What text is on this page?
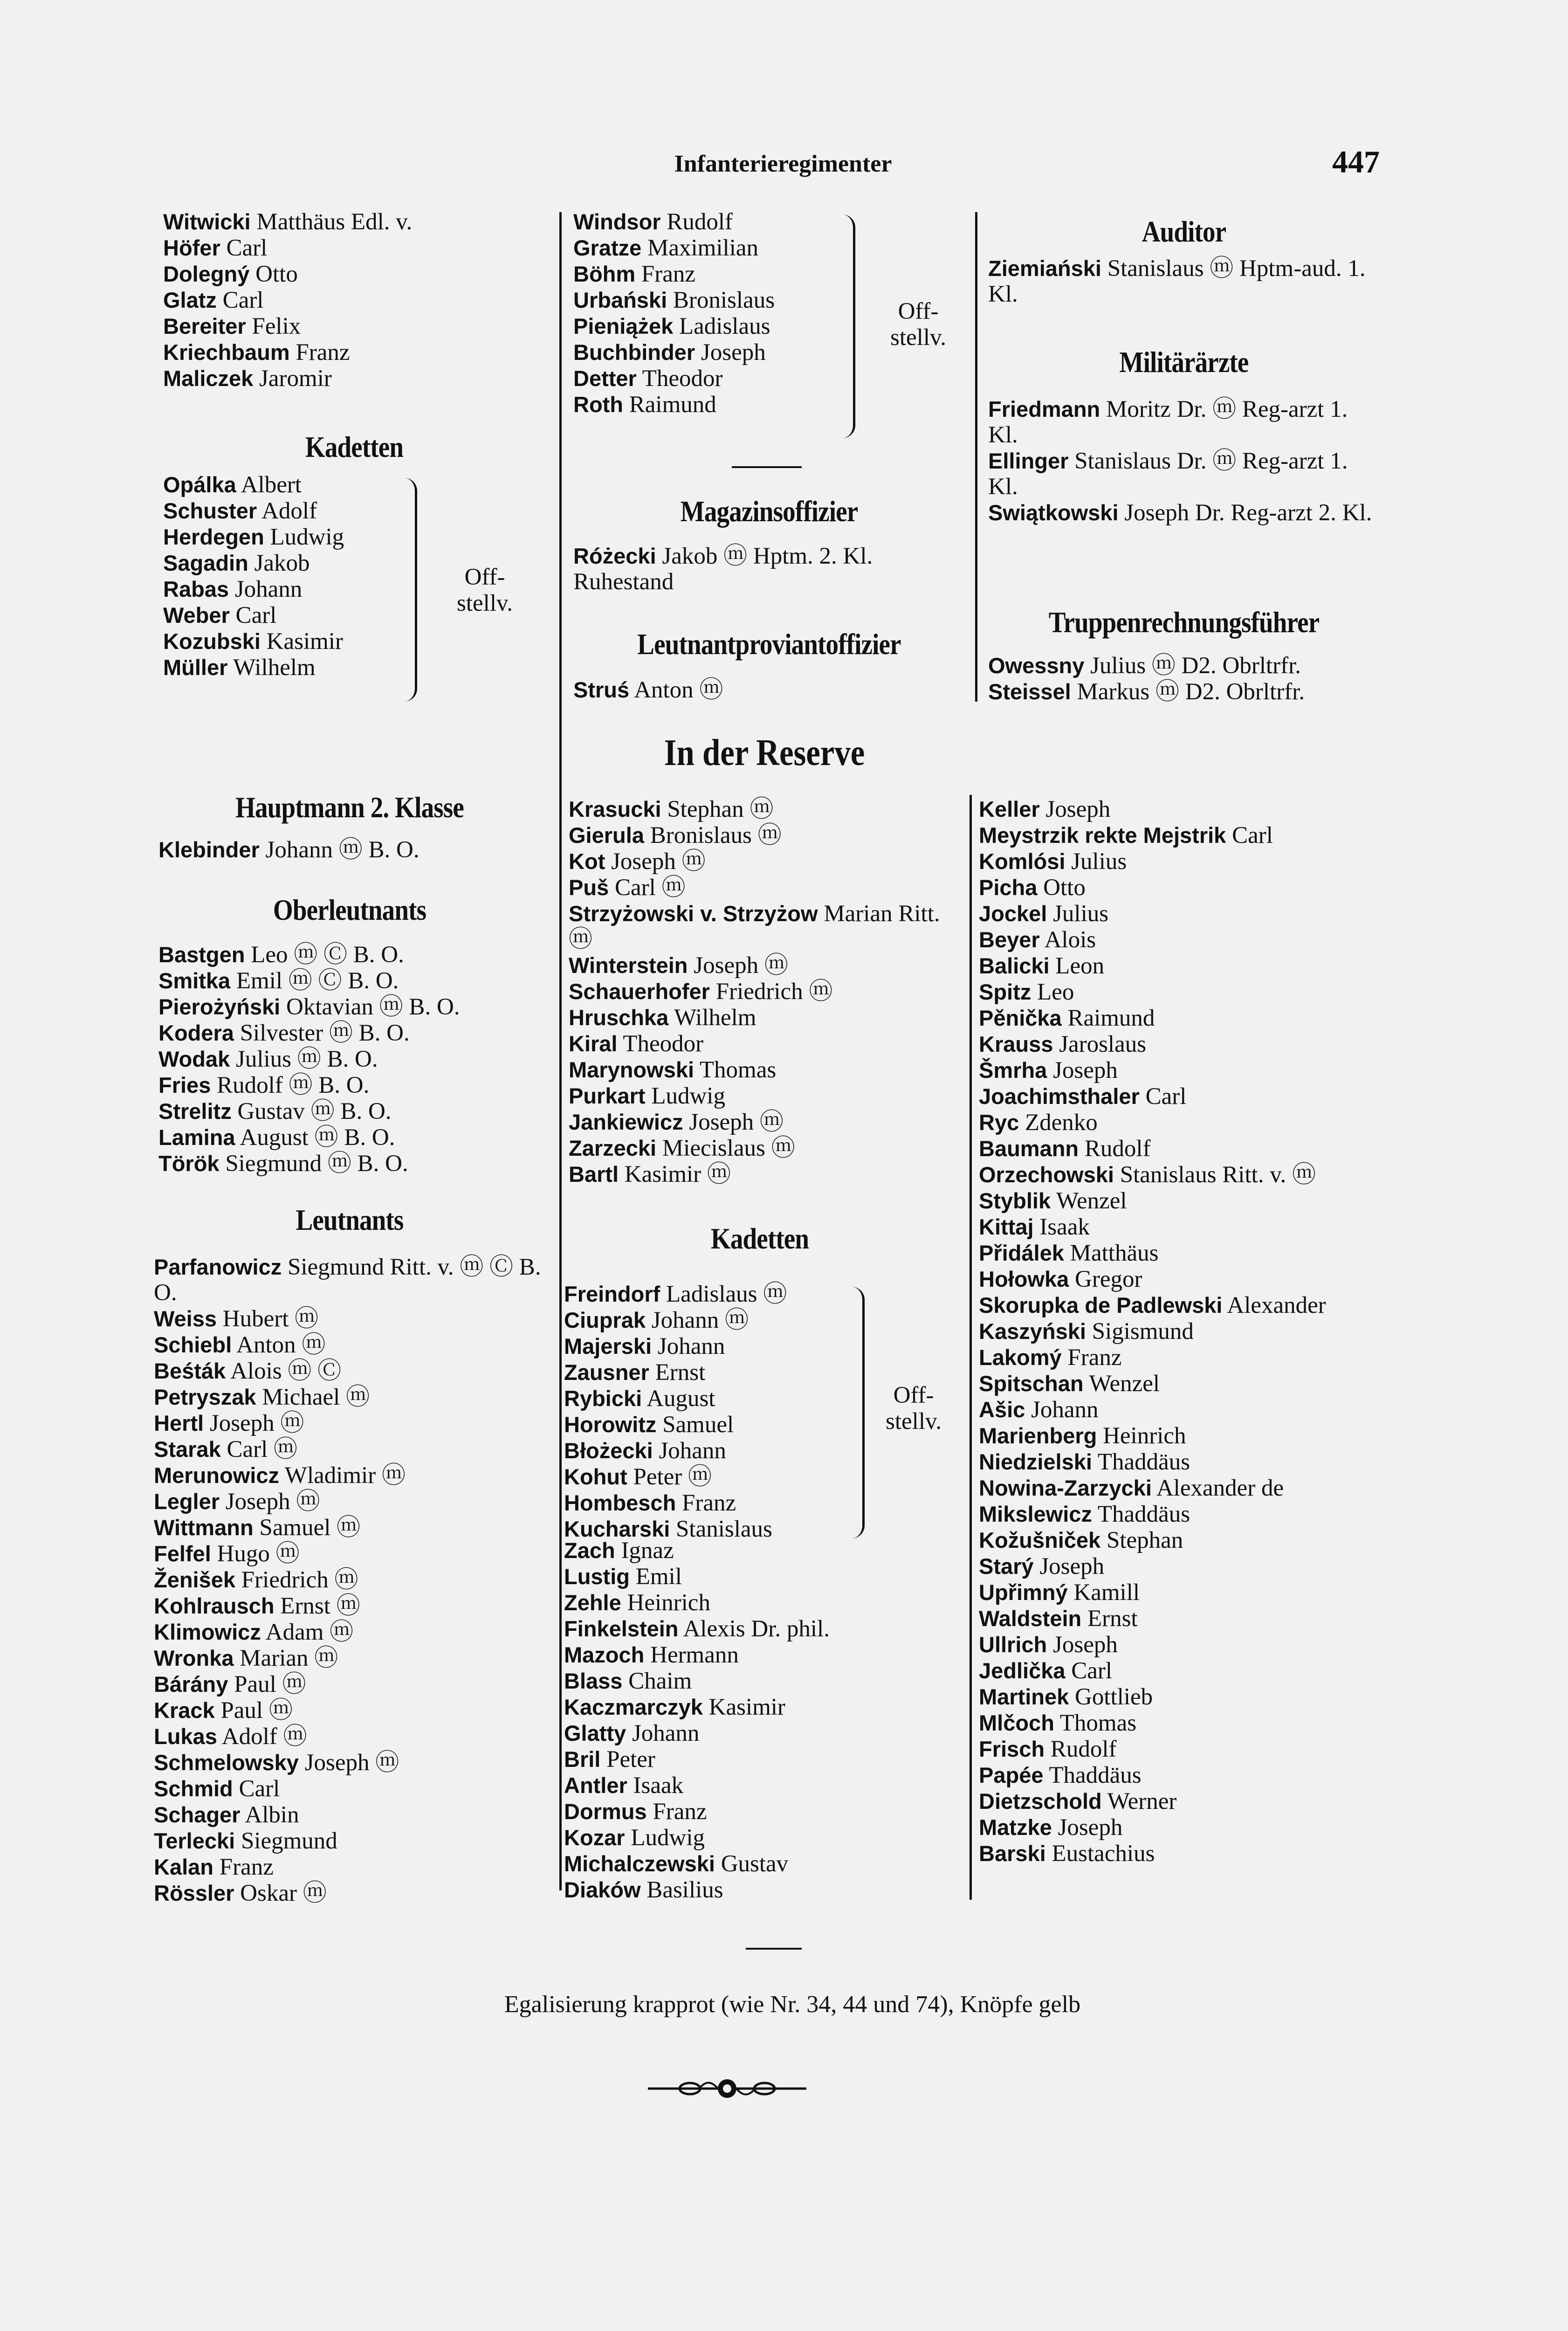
Infanterieregimenter	447
Witwicki Matthäus Edl. v.
Höfer Carl
Dolegný Otto
Glatz Carl
Bereiter Felix
Kriechbaum Franz
Maliczek Jaromir
Kadetten
Opálka Albert
Schuster Adolf
Herdegen Ludwig
Sagadin Jakob
Rabas Johann
Weber Carl
Kozubski Kasimir
Müller Wilhelm
Off-
stellv.
Windsor Rudolf
Gratze Maximilian
Böhm Franz
Urbański Bronislaus
Pieniążek Ladislaus
Buchbinder Joseph
Detter Theodor
Roth Raimund
Off-
stellv.
Magazinsoffizier
Różecki Jakob ⓜ Hptm. 2. Kl. Ruhestand
Leutnantproviantoffizier
Struś Anton ⓜ
Auditor
Ziemiański Stanislaus ⓜ Hptm-aud. 1. Kl.
Militärärzte
Friedmann Moritz Dr. ⓜ Reg-arzt 1. Kl.
Ellinger Stanislaus Dr. ⓜ Reg-arzt 1. Kl.
Swiątkowski Joseph Dr. Reg-arzt 2. Kl.
Truppenrechnungsführer
Owessny Julius ⓜ D2. Obrltrfr.
Steissel Markus ⓜ D2. Obrltrfr.
In der Reserve
Hauptmann 2. Klasse
Klebinder Johann ⓜ B. O.
Oberleutnants
Bastgen Leo ⓜ Ⓒ B. O.
Smitka Emil ⓜ Ⓒ B. O.
Pierożyński Oktavian ⓜ B. O.
Kodera Silvester ⓜ B. O.
Wodak Julius ⓜ B. O.
Fries Rudolf ⓜ B. O.
Strelitz Gustav ⓜ B. O.
Lamina August ⓜ B. O.
Török Siegmund ⓜ B. O.
Leutnants
Parfanowicz Siegmund Ritt. v. ⓜ Ⓒ B. O.
Weiss Hubert ⓜ
Schiebl Anton ⓜ
Beśták Alois ⓜ Ⓒ
Petryszak Michael ⓜ
Hertl Joseph ⓜ
Starak Carl ⓜ
Merunowicz Wladimir ⓜ
Legler Joseph ⓜ
Wittmann Samuel ⓜ
Felfel Hugo ⓜ
Ženišek Friedrich ⓜ
Kohlrausch Ernst ⓜ
Klimowicz Adam ⓜ
Wronka Marian ⓜ
Bárány Paul ⓜ
Krack Paul ⓜ
Lukas Adolf ⓜ
Schmelowsky Joseph ⓜ
Schmid Carl
Schager Albin
Terlecki Siegmund
Kalan Franz
Rössler Oskar ⓜ
Krasucki Stephan ⓜ
Gierula Bronislaus ⓜ
Kot Joseph ⓜ
Puš Carl ⓜ
Strzyżowski v. Strzyżow Marian Ritt. ⓜ
Winterstein Joseph ⓜ
Schauerhofer Friedrich ⓜ
Hruschka Wilhelm
Kiral Theodor
Marynowski Thomas
Purkart Ludwig
Jankiewicz Joseph ⓜ
Zarzecki Miecislaus ⓜ
Bartl Kasimir ⓜ
Kadetten
Freindorf Ladislaus ⓜ
Ciuprak Johann ⓜ
Majerski Johann
Zausner Ernst
Rybicki August
Horowitz Samuel
Błożecki Johann
Kohut Peter ⓜ
Hombesch Franz
Kucharski Stanislaus
Off-
stellv.
Zach Ignaz
Lustig Emil
Zehle Heinrich
Finkelstein Alexis Dr. phil.
Mazoch Hermann
Blass Chaim
Kaczmarczyk Kasimir
Glatty Johann
Bril Peter
Antler Isaak
Dormus Franz
Kozar Ludwig
Michalczewski Gustav
Diaków Basilius
Keller Joseph
Meystrzik rekte Mejstrik Carl
Komlósi Julius
Picha Otto
Jockel Julius
Beyer Alois
Balicki Leon
Spitz Leo
Pěnička Raimund
Krauss Jaroslaus
Šmrha Joseph
Joachimsthaler Carl
Ryc Zdenko
Baumann Rudolf
Orzechowski Stanislaus Ritt. v. ⓜ
Styblik Wenzel
Kittaj Isaak
Přidálek Matthäus
Hołowka Gregor
Skorupka de Padlewski Alexander
Kaszyński Sigismund
Lakomý Franz
Spitschan Wenzel
Ašic Johann
Marienberg Heinrich
Niedzielski Thaddäus
Nowina-Zarzycki Alexander de
Mikslewicz Thaddäus
Kožušniček Stephan
Starý Joseph
Upřimný Kamill
Waldstein Ernst
Ullrich Joseph
Jedlička Carl
Martinek Gottlieb
Mlčoch Thomas
Frisch Rudolf
Papée Thaddäus
Dietzschold Werner
Matzke Joseph
Barski Eustachius
Egalisierung krapprot (wie Nr. 34, 44 und 74), Knöpfe gelb
